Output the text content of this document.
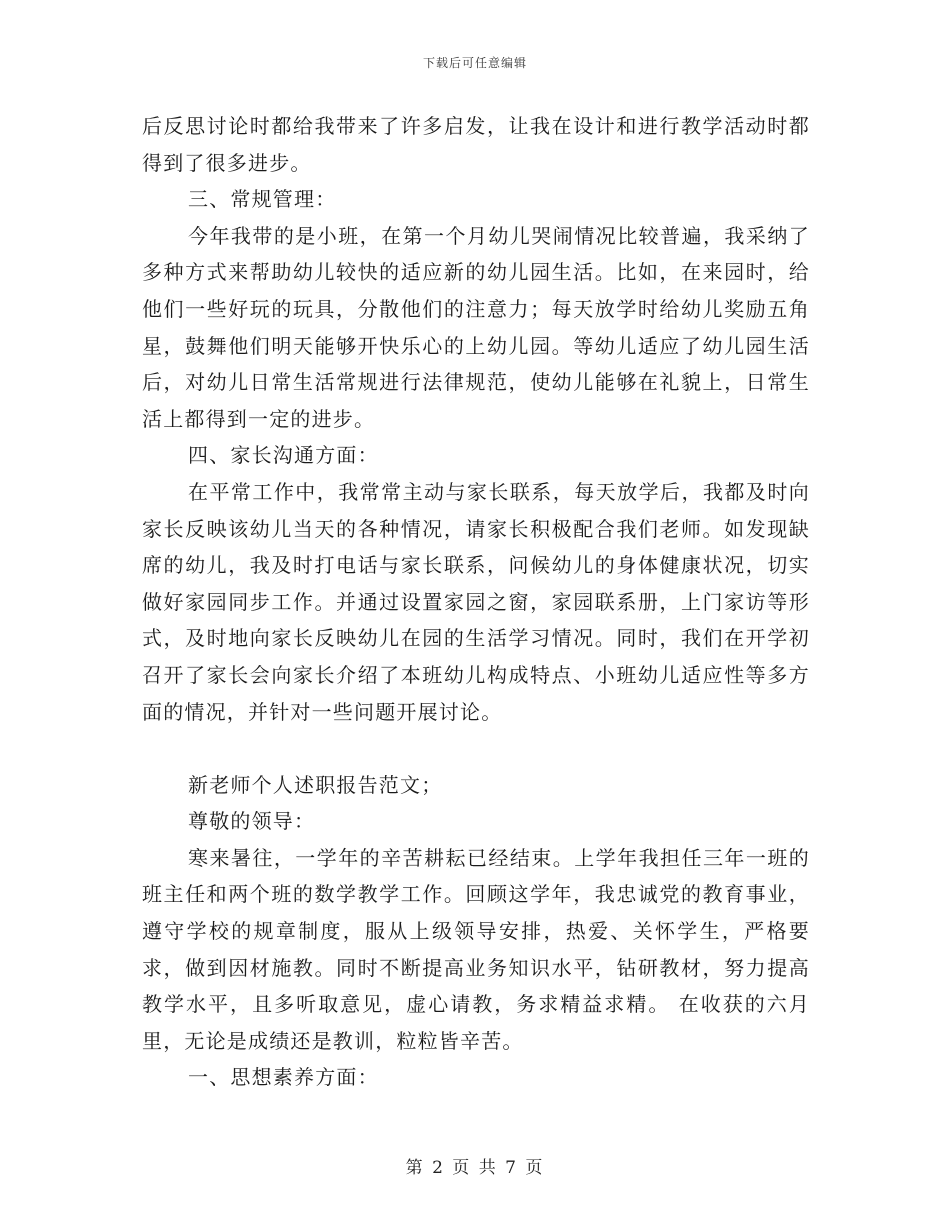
下载后可任意编辑

后反思讨论时都给我带来了许多启发，让我在设计和进行教学活动时都得到了很多进步。

三、常规管理：

今年我带的是小班，在第一个月幼儿哭闹情况比较普遍，我采纳了多种方式来帮助幼儿较快的适应新的幼儿园生活。比如，在来园时，给他们一些好玩的玩具，分散他们的注意力；每天放学时给幼儿奖励五角星，鼓舞他们明天能够开快乐心的上幼儿园。等幼儿适应了幼儿园生活后，对幼儿日常生活常规进行法律规范，使幼儿能够在礼貌上，日常生活上都得到一定的进步。

四、家长沟通方面：

在平常工作中，我常常主动与家长联系，每天放学后，我都及时向家长反映该幼儿当天的各种情况，请家长积极配合我们老师。如发现缺席的幼儿，我及时打电话与家长联系，问候幼儿的身体健康状况，切实做好家园同步工作。并通过设置家园之窗，家园联系册，上门家访等形式，及时地向家长反映幼儿在园的生活学习情况。同时，我们在开学初召开了家长会向家长介绍了本班幼儿构成特点、小班幼儿适应性等多方面的情况，并针对一些问题开展讨论。

新老师个人述职报告范文；

尊敬的领导：

寒来暑往，一学年的辛苦耕耘已经结束。上学年我担任三年一班的班主任和两个班的数学教学工作。回顾这学年，我忠诚党的教育事业，遵守学校的规章制度，服从上级领导安排，热爱、关怀学生，严格要求，做到因材施教。同时不断提高业务知识水平，钻研教材，努力提高教学水平，且多听取意见，虚心请教，务求精益求精。 在收获的六月里，无论是成绩还是教训，粒粒皆辛苦。

一、思想素养方面：

第 2 页 共 7 页
